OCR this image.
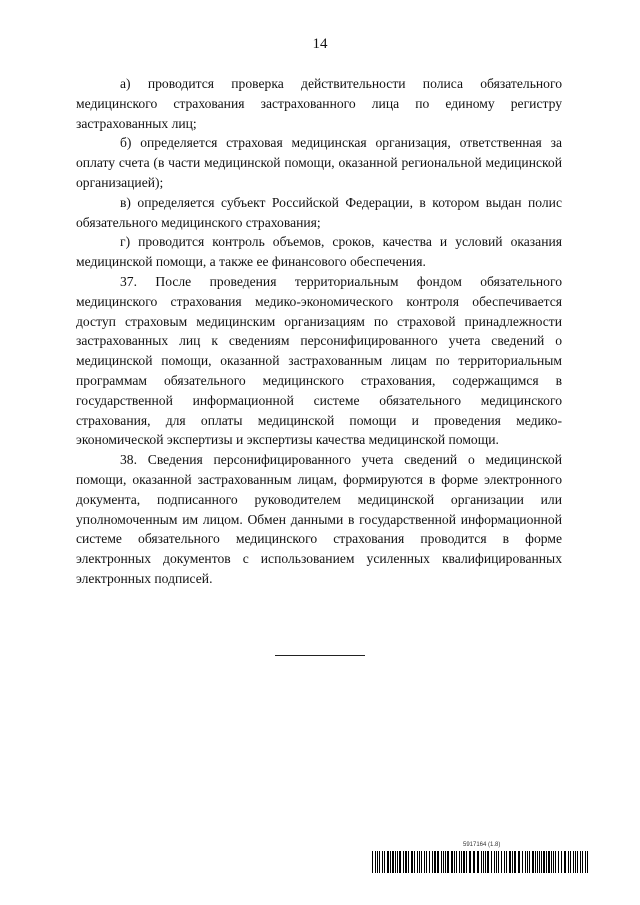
14

а) проводится проверка действительности полиса обязательного медицинского страхования застрахованного лица по единому регистру застрахованных лиц;

б) определяется страховая медицинская организация, ответственная за оплату счета (в части медицинской помощи, оказанной региональной медицинской организацией);

в) определяется субъект Российской Федерации, в котором выдан полис обязательного медицинского страхования;

г) проводится контроль объемов, сроков, качества и условий оказания медицинской помощи, а также ее финансового обеспечения.

37. После проведения территориальным фондом обязательного медицинского страхования медико-экономического контроля обеспечивается доступ страховым медицинским организациям по страховой принадлежности застрахованных лиц к сведениям персонифицированного учета сведений о медицинской помощи, оказанной застрахованным лицам по территориальным программам обязательного медицинского страхования, содержащимся в государственной информационной системе обязательного медицинского страхования, для оплаты медицинской помощи и проведения медико-экономической экспертизы и экспертизы качества медицинской помощи.

38. Сведения персонифицированного учета сведений о медицинской помощи, оказанной застрахованным лицам, формируются в форме электронного документа, подписанного руководителем медицинской организации или уполномоченным им лицом. Обмен данными в государственной информационной системе обязательного медицинского страхования проводится в форме электронных документов с использованием усиленных квалифицированных электронных подписей.

5917164 (1.8)
